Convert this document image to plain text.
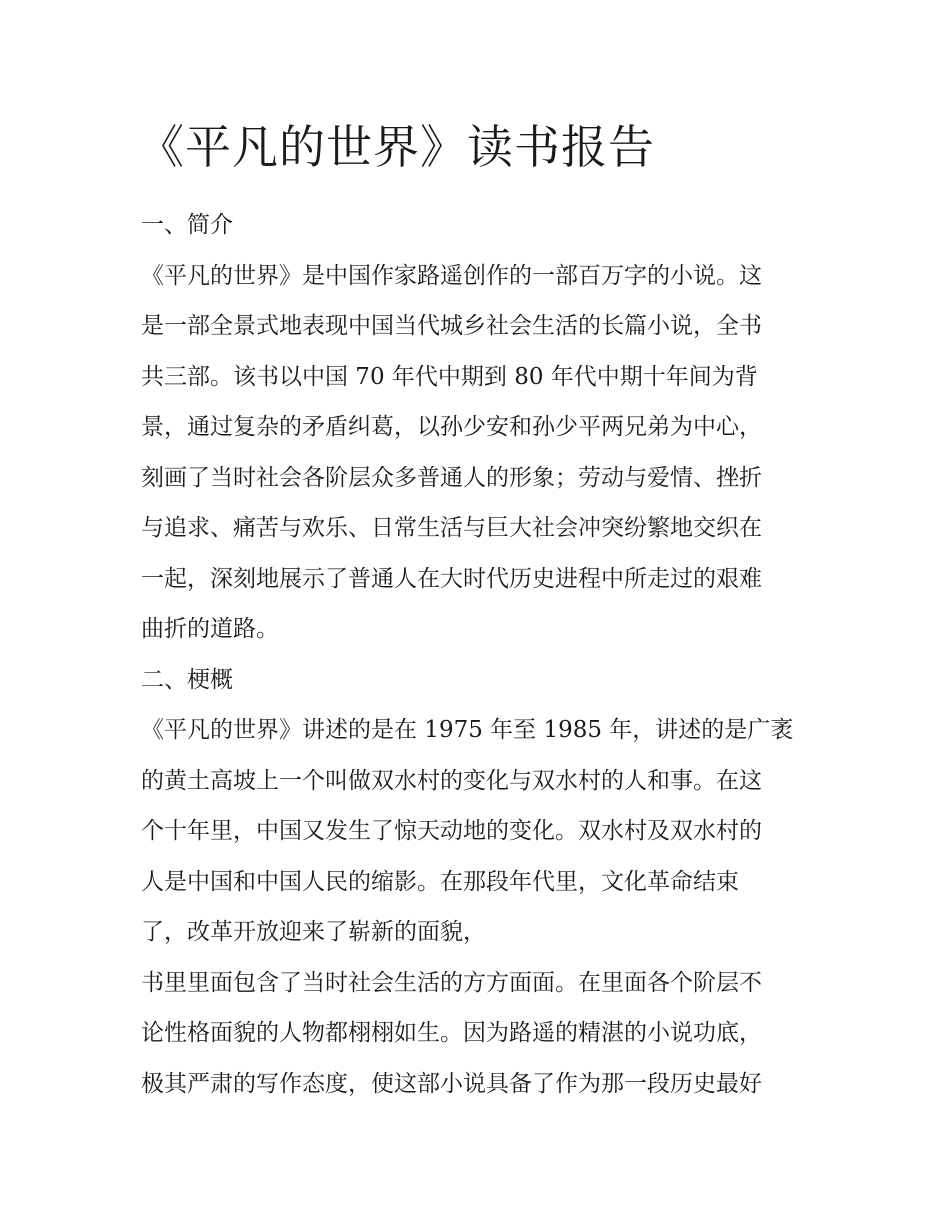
《平凡的世界》读书报告
一、简介

《平凡的世界》是中国作家路遥创作的一部百万字的小说。这
是一部全景式地表现中国当代城乡社会生活的长篇小说，全书
共三部。该书以中国 70 年代中期到 80 年代中期十年间为背
景，通过复杂的矛盾纠葛，以孙少安和孙少平两兄弟为中心，
刻画了当时社会各阶层众多普通人的形象；劳动与爱情、挫折
与追求、痛苦与欢乐、日常生活与巨大社会冲突纷繁地交织在
一起，深刻地展示了普通人在大时代历史进程中所走过的艰难
曲折的道路。

二、梗概

《平凡的世界》讲述的是在 1975 年至 1985 年，讲述的是广袤
的黄土高坡上一个叫做双水村的变化与双水村的人和事。在这
个十年里，中国又发生了惊天动地的变化。双水村及双水村的
人是中国和中国人民的缩影。在那段年代里，文化革命结束
了，改革开放迎来了崭新的面貌，
书里里面包含了当时社会生活的方方面面。在里面各个阶层不
论性格面貌的人物都栩栩如生。因为路遥的精湛的小说功底，
极其严肃的写作态度，使这部小说具备了作为那一段历史最好
